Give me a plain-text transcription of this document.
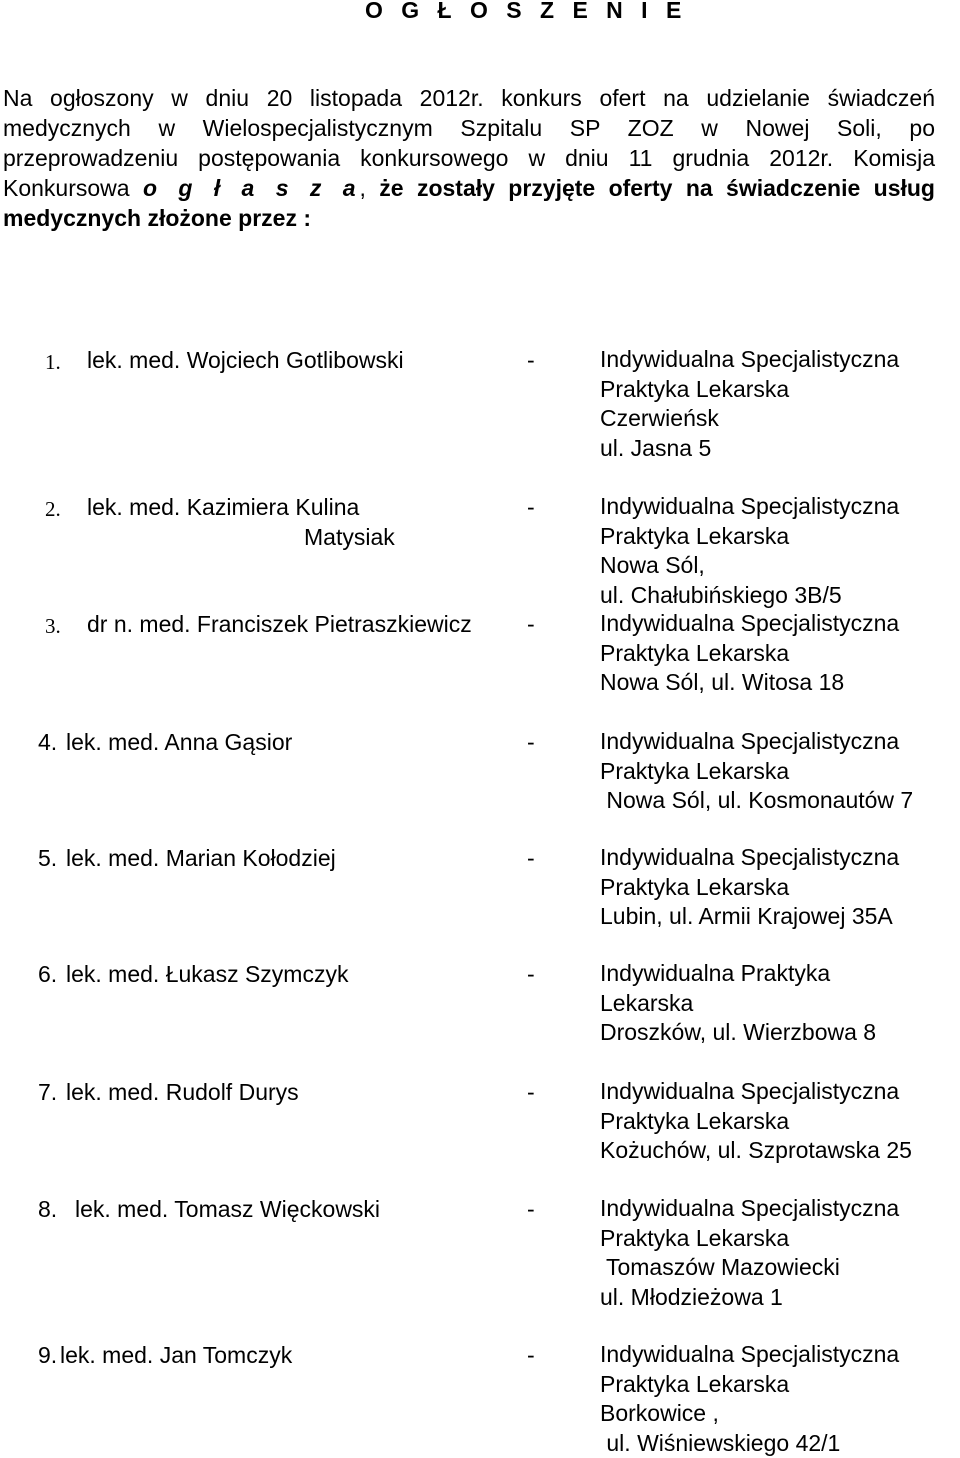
O G Ł O S Z E N I E
Na ogłoszony w dniu 20 listopada 2012r. konkurs ofert na udzielanie świadczeń
medycznych w Wielospecjalistycznym Szpitalu SP ZOZ w Nowej Soli, po
przeprowadzeniu postępowania konkursowego w dniu 11 grudnia 2012r. Komisja
Konkursowa o g ł a s z a, że zostały przyjęte oferty na świadczenie usług
medycznych złożone przez :
1. lek. med. Wojciech Gotlibowski	-	Indywidualna Specjalistyczna
Praktyka Lekarska
Czerwieńsk
ul. Jasna 5
2. lek. med. Kazimiera Kulina
Matysiak
-	Indywidualna Specjalistyczna
Praktyka Lekarska
Nowa Sól,
ul. Chałubińskiego 3B/5
3. dr n. med. Franciszek Pietraszkiewicz -	Indywidualna Specjalistyczna
Praktyka Lekarska
Nowa Sól, ul. Witosa 18
4. lek. med. Anna Gąsior	-	Indywidualna Specjalistyczna
Praktyka Lekarska
Nowa Sól, ul. Kosmonautów 7
5. lek. med. Marian Kołodziej	-	Indywidualna Specjalistyczna
Praktyka Lekarska
Lubin, ul. Armii Krajowej 35A
6. lek. med. Łukasz Szymczyk	-	Indywidualna Praktyka
Lekarska
Droszków, ul. Wierzbowa 8
7. lek. med. Rudolf Durys	-	Indywidualna Specjalistyczna
Praktyka Lekarska
Kożuchów, ul. Szprotawska 25
8. lek. med. Tomasz Więckowski	-	Indywidualna Specjalistyczna
Praktyka Lekarska
Tomaszów Mazowiecki
ul. Młodzieżowa 1
9. lek. med. Jan Tomczyk	-	Indywidualna Specjalistyczna
Praktyka Lekarska
Borkowice ,
ul. Wiśniewskiego 42/1
